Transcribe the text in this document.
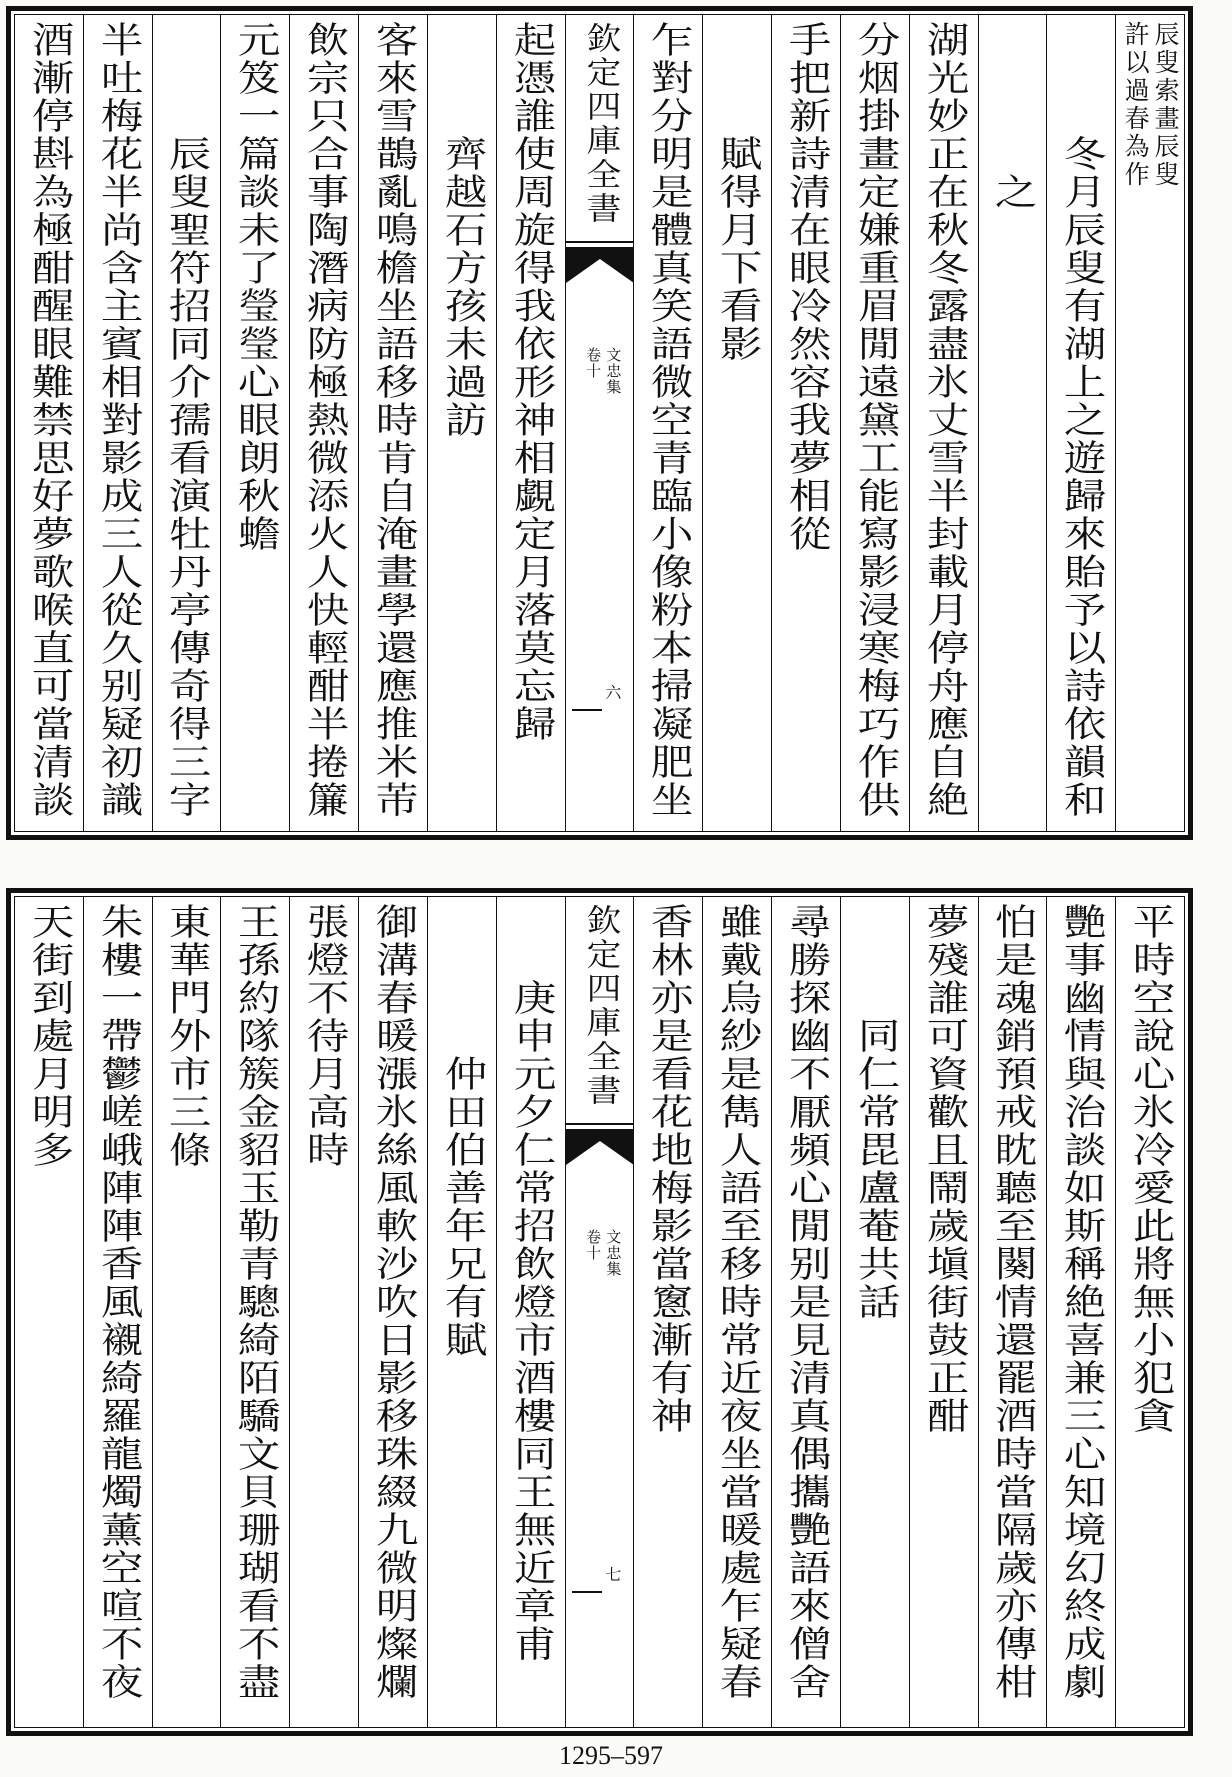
辰叟索畫辰叟
許以過春為作
冬月辰叟有湖上之遊歸來貽予以詩依韻和
之
湖光妙正在秋冬露盡氷丈雪半封載月停舟應自絶
分烟掛畫定嫌重眉閒遠黛工能寫影浸寒梅巧作供
手把新詩清在眼冷然容我夢相從
賦得月下看影
乍對分明是體真笑語微空青臨小像粉本掃凝肥坐
欽定四庫全書
文忠集
卷十
六
起憑誰使周旋得我依形神相覷定月落莫忘歸
齊越石方孩未過訪
客來雪鵲亂鳴檐坐語移時肯自淹畫學還應推米芾
飲宗只合事陶潛病防極熱微添火人快輕酣半捲簾
元笈一篇談未了瑩瑩心眼朗秋蟾
辰叟聖符招同介孺看演牡丹亭傳奇得三字
半吐梅花半尚含主賓相對影成三人從久别疑初識
酒漸停斟為極酣醒眼難禁思好夢歌喉直可當清談
平時空說心氷冷愛此將無小犯貪
艷事幽情與治談如斯稱絶喜兼三心知境幻終成劇
怕是魂銷預戒眈聽至闋情還罷酒時當隔歲亦傳柑
夢殘誰可資歡且鬧歲塡街鼓正酣
同仁常毘盧菴共話
尋勝探幽不厭頻心閒别是見清真偶攜艷語來僧舍
雖戴烏紗是雋人語至移時常近夜坐當暖處乍疑春
香林亦是看花地梅影當窻漸有神
欽定四庫全書
文忠集
卷十
七
庚申元夕仁常招飲燈市酒樓同王無近章甫
仲田伯善年兄有賦
御溝春暖漲氷絲風軟沙吹日影移珠綴九微明燦爛
張燈不待月高時
王孫約隊簇金貂玉勒青驄綺陌驕文貝珊瑚看不盡
東華門外市三條
朱樓一帶鬱嵯峨陣陣香風襯綺羅龍燭薰空喧不夜
天街到處月明多
1295–597
